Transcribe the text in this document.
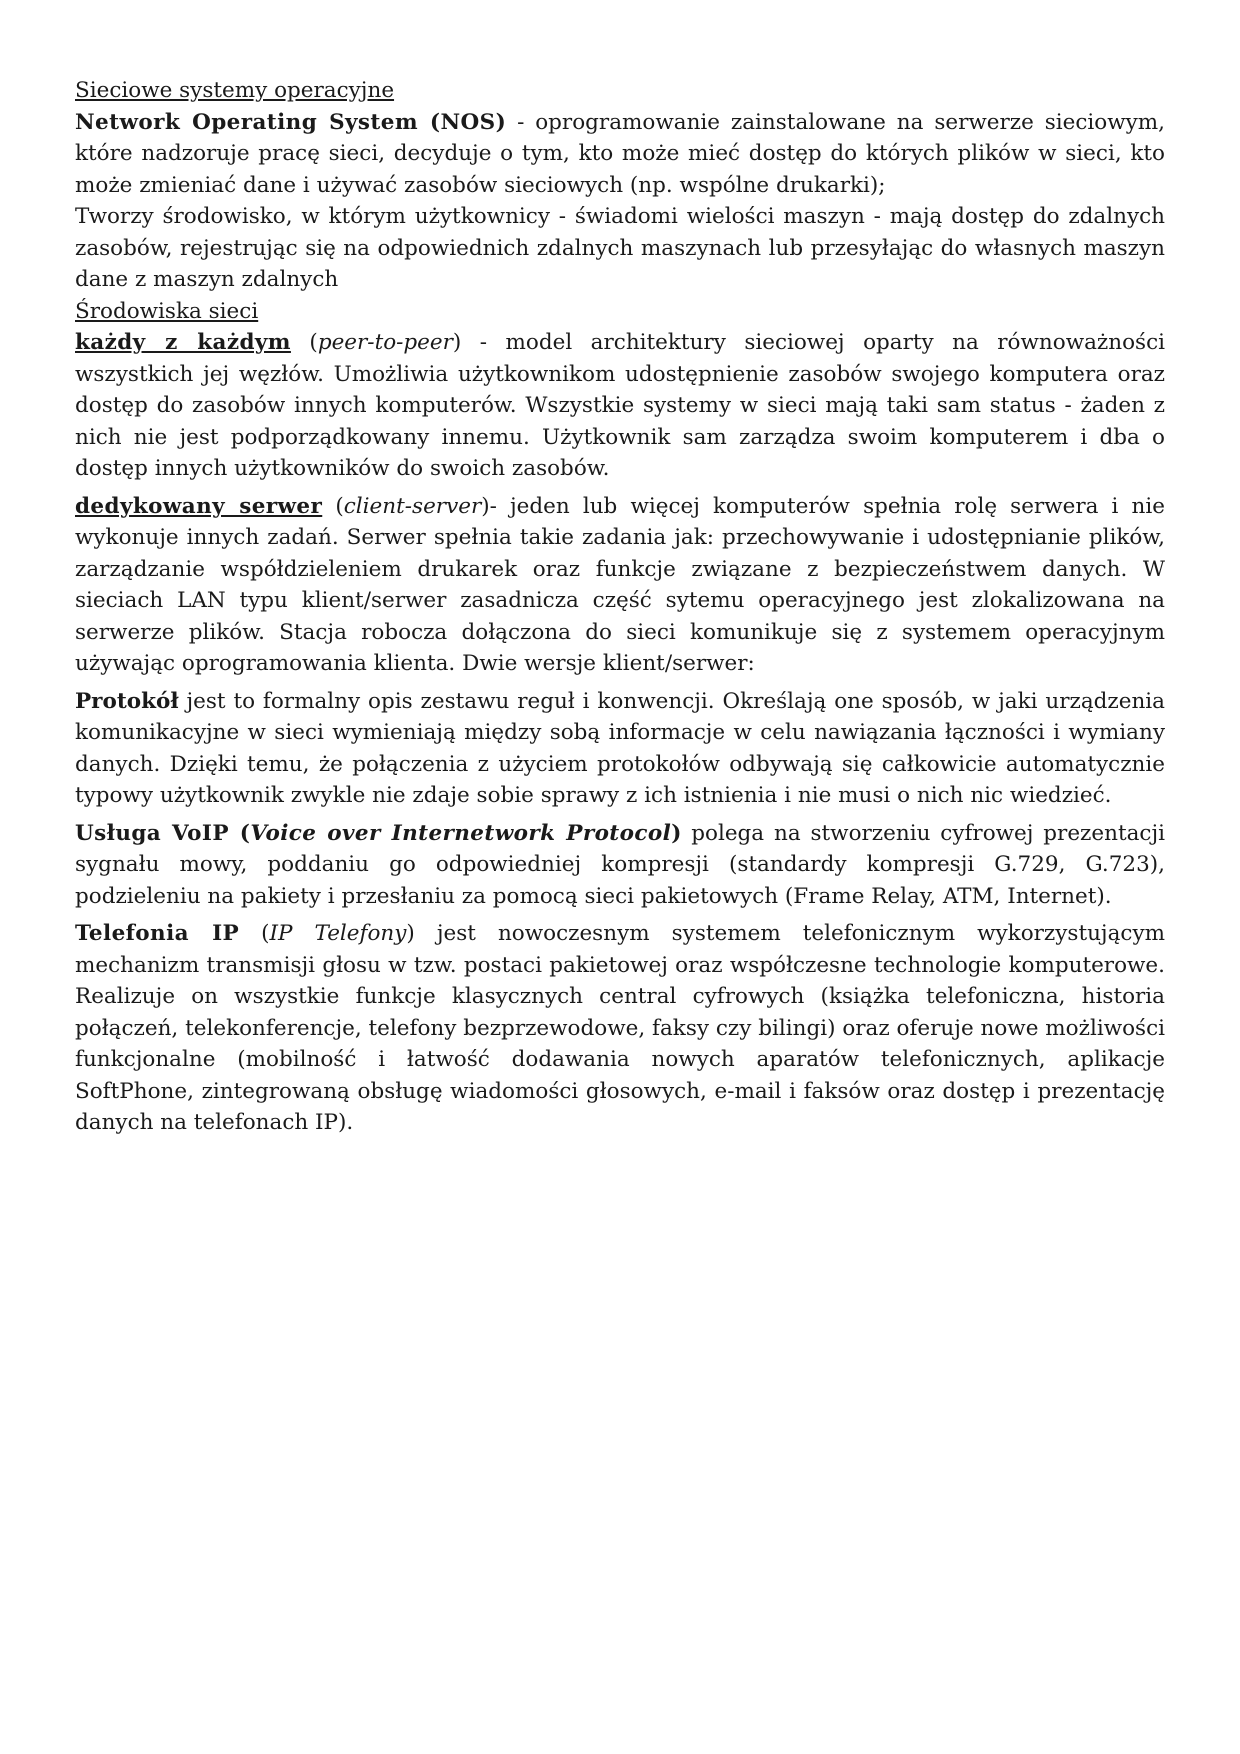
Sieciowe systemy operacyjne

Network Operating System (NOS) - oprogramowanie zainstalowane na serwerze sieciowym, które nadzoruje pracę sieci, decyduje o tym, kto może mieć dostęp do których plików w sieci, kto może zmieniać dane i używać zasobów sieciowych (np. wspólne drukarki);

Tworzy środowisko, w którym użytkownicy - świadomi wielości maszyn - mają dostęp do zdalnych zasobów, rejestrując się na odpowiednich zdalnych maszynach lub przesyłając do własnych maszyn dane z maszyn zdalnych

Środowiska sieci

każdy z każdym (peer-to-peer) - model architektury sieciowej oparty na równoważności wszystkich jej węzłów. Umożliwia użytkownikom udostępnienie zasobów swojego komputera oraz dostęp do zasobów innych komputerów. Wszystkie systemy w sieci mają taki sam status - żaden z nich nie jest podporządkowany innemu. Użytkownik sam zarządza swoim komputerem i dba o dostęp innych użytkowników do swoich zasobów.

dedykowany serwer (client-server)- jeden lub więcej komputerów spełnia rolę serwera i nie wykonuje innych zadań. Serwer spełnia takie zadania jak: przechowywanie i udostępnianie plików, zarządzanie współdzieleniem drukarek oraz funkcje związane z bezpieczeństwem danych. W sieciach LAN typu klient/serwer zasadnicza część sytemu operacyjnego jest zlokalizowana na serwerze plików. Stacja robocza dołączona do sieci komunikuje się z systemem operacyjnym używając oprogramowania klienta. Dwie wersje klient/serwer:

Protokół jest to formalny opis zestawu reguł i konwencji. Określają one sposób, w jaki urządzenia komunikacyjne w sieci wymieniają między sobą informacje w celu nawiązania łączności i wymiany danych. Dzięki temu, że połączenia z użyciem protokołów odbywają się całkowicie automatycznie typowy użytkownik zwykle nie zdaje sobie sprawy z ich istnienia i nie musi o nich nic wiedzieć.

Usługa VoIP (Voice over Internetwork Protocol) polega na stworzeniu cyfrowej prezentacji sygnału mowy, poddaniu go odpowiedniej kompresji (standardy kompresji G.729, G.723), podzieleniu na pakiety i przesłaniu za pomocą sieci pakietowych (Frame Relay, ATM, Internet).

Telefonia IP (IP Telefony) jest nowoczesnym systemem telefonicznym wykorzystującym mechanizm transmisji głosu w tzw. postaci pakietowej oraz współczesne technologie komputerowe. Realizuje on wszystkie funkcje klasycznych central cyfrowych (książka telefoniczna, historia połączeń, telekonferencje, telefony bezprzewodowe, faksy czy bilingi) oraz oferuje nowe możliwości funkcjonalne (mobilność i łatwość dodawania nowych aparatów telefonicznych, aplikacje SoftPhone, zintegrowaną obsługę wiadomości głosowych, e-mail i faksów oraz dostęp i prezentację danych na telefonach IP).
